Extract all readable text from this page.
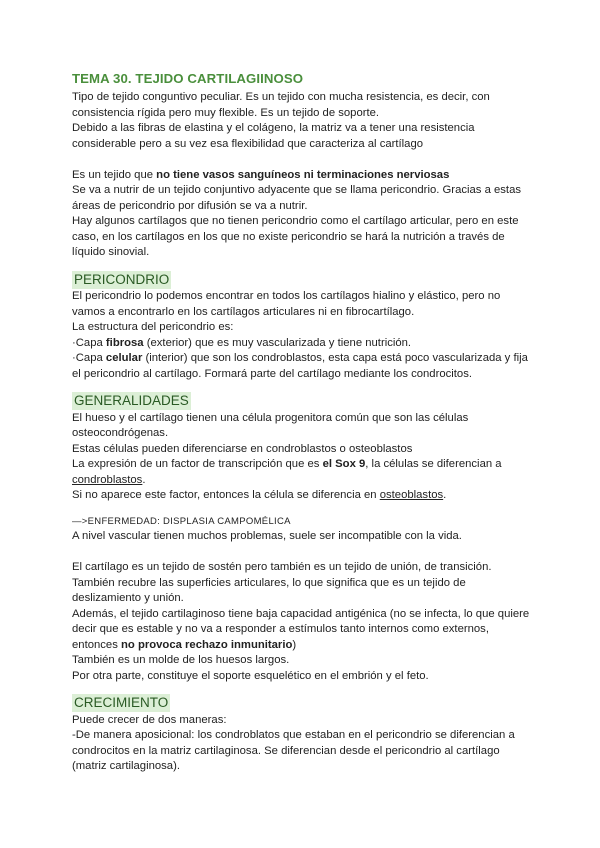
TEMA 30. TEJIDO CARTILAGIINOSO

Tipo de tejido conguntivo peculiar. Es un tejido con mucha resistencia, es decir, con

consistencia rígida pero muy flexible. Es un tejido de soporte.

Debido a las fibras de elastina y el colágeno, la matriz va a tener una resistencia

considerable pero a su vez esa flexibilidad que caracteriza al cartílago

Es un tejido que no tiene vasos sanguíneos ni terminaciones nerviosas

Se va a nutrir de un tejido conjuntivo adyacente que se llama pericondrio. Gracias a estas

áreas de pericondrio por difusión se va a nutrir.

Hay algunos cartílagos que no tienen pericondrio como el cartílago articular, pero en este

caso, en los cartílagos en los que no existe pericondrio se hará la nutrición a través de

líquido sinovial.

PERICONDRIO

El pericondrio lo podemos encontrar en todos los cartílagos hialino y elástico, pero no

vamos a encontrarlo en los cartílagos articulares ni en fibrocartílago.

La estructura del pericondrio es:

·Capa fibrosa (exterior) que es muy vascularizada y tiene nutrición.

·Capa celular (interior) que son los condroblastos, esta capa está poco vascularizada y fija

el pericondrio al cartílago. Formará parte del cartílago mediante los condrocitos.

GENERALIDADES

El hueso y el cartílago tienen una célula progenitora común que son las células

osteocondrógenas.

Estas células pueden diferenciarse en condroblastos o osteoblastos

La expresión de un factor de transcripción que es el Sox 9, la células se diferencian a

condroblastos.

Si no aparece este factor, entonces la célula se diferencia en osteoblastos.

—>ENFERMEDAD: DISPLASIA CAMPOMÉLICA

A nivel vascular tienen muchos problemas, suele ser incompatible con la vida.

El cartílago es un tejido de sostén pero también es un tejido de unión, de transición.

También recubre las superficies articulares, lo que significa que es un tejido de

deslizamiento y unión.

Además, el tejido cartilaginoso tiene baja capacidad antigénica (no se infecta, lo que quiere

decir que es estable y no va a responder a estímulos tanto internos como externos,

entonces no provoca rechazo inmunitario)

También es un molde de los huesos largos.

Por otra parte, constituye el soporte esquelético en el embrión y el feto.

CRECIMIENTO

Puede crecer de dos maneras:

-De manera aposicional: los condroblatos que estaban en el pericondrio se diferencian a

condrocitos en la matriz cartilaginosa. Se diferencian desde el pericondrio al cartílago

(matriz cartilaginosa).
